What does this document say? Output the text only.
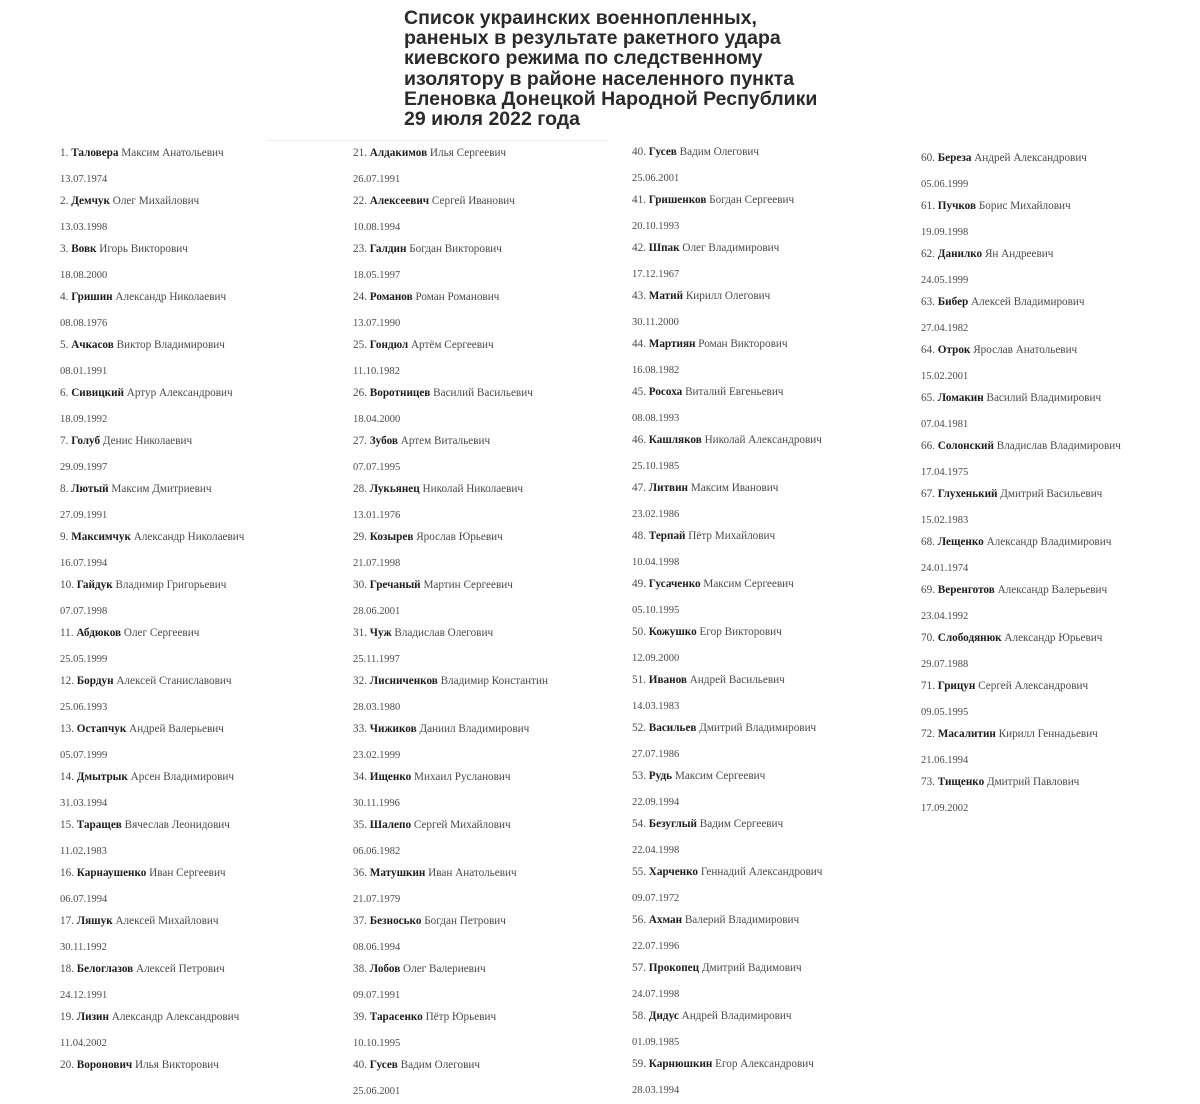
Список украинских военнопленных,
раненых в результате ракетного удара
киевского режима по следственному
изолятору в районе населенного пункта
Еленовка Донецкой Народной Республики
29 июля 2022 года
1. Таловера Максим Анатольевич
13.07.1974
2. Демчук Олег Михайлович
13.03.1998
3. Вовк Игорь Викторович
18.08.2000
4. Гришин Александр Николаевич
08.08.1976
5. Ачкасов Виктор Владимирович
08.01.1991
6. Сивицкий Артур Александрович
18.09.1992
7. Голуб Денис Николаевич
29.09.1997
8. Лютый Максим Дмитриевич
27.09.1991
9. Максимчук Александр Николаевич
16.07.1994
10. Гайдук Владимир Григорьевич
07.07.1998
11. Абдюков Олег Сергеевич
25.05.1999
12. Бордун Алексей Станиславович
25.06.1993
13. Остапчук Андрей Валерьевич
05.07.1999
14. Дмытрык Арсен Владимирович
31.03.1994
15. Таращев Вячеслав Леонидович
11.02.1983
16. Карнаушенко Иван Сергеевич
06.07.1994
17. Ляшук Алексей Михайлович
30.11.1992
18. Белоглазов Алексей Петрович
24.12.1991
19. Лизин Александр Александрович
11.04.2002
20. Воронович Илья Викторович
21. Алдакимов Илья Сергеевич
26.07.1991
22. Алексеевич Сергей Иванович
10.08.1994
23. Галдин Богдан Викторович
18.05.1997
24. Романов Роман Романович
13.07.1990
25. Гондюл Артём Сергеевич
11.10.1982
26. Воротницев Василий Васильевич
18.04.2000
27. Зубов Артем Витальевич
07.07.1995
28. Лукьянец Николай Николаевич
13.01.1976
29. Козырев Ярослав Юрьевич
21.07.1998
30. Гречаный Мартин Сергеевич
28.06.2001
31. Чуж Владислав Олегович
25.11.1997
32. Лисниченков Владимир Константин
28.03.1980
33. Чижиков Даниил Владимирович
23.02.1999
34. Ищенко Михаил Русланович
30.11.1996
35. Шалепо Сергей Михайлович
06.06.1982
36. Матушкин Иван Анатольевич
21.07.1979
37. Безносько Богдан Петрович
08.06.1994
38. Лобов Олег Валериевич
09.07.1991
39. Тарасенко Пётр Юрьевич
10.10.1995
40. Гусев Вадим Олегович
25.06.2001
40. Гусев Вадим Олегович
25.06.2001
41. Гришенков Богдан Сергеевич
20.10.1993
42. Шпак Олег Владимирович
17.12.1967
43. Матий Кирилл Олегович
30.11.2000
44. Мартиян Роман Викторович
16.08.1982
45. Росоха Виталий Евгеньевич
08.08.1993
46. Кашляков Николай Александрович
25.10.1985
47. Литвин Максим Иванович
23.02.1986
48. Терпай Пётр Михайлович
10.04.1998
49. Гусаченко Максим Сергеевич
05.10.1995
50. Кожушко Егор Викторович
12.09.2000
51. Иванов Андрей Васильевич
14.03.1983
52. Васильев Дмитрий Владимирович
27.07.1986
53. Рудь Максим Сергеевич
22.09.1994
54. Безуглый Вадим Сергеевич
22.04.1998
55. Харченко Геннадий Александрович
09.07.1972
56. Ахман Валерий Владимирович
22.07.1996
57. Прокопец Дмитрий Вадимович
24.07.1998
58. Дидус Андрей Владимирович
01.09.1985
59. Карнюшкин Егор Александрович
28.03.1994
60. Береза Андрей Александрович
05.06.1999
61. Пучков Борис Михайлович
19.09.1998
62. Данилко Ян Андреевич
24.05.1999
63. Бибер Алексей Владимирович
27.04.1982
64. Отрок Ярослав Анатольевич
15.02.2001
65. Ломакин Василий Владимирович
07.04.1981
66. Солонский Владислав Владимирович
17.04.1975
67. Глухенький Дмитрий Васильевич
15.02.1983
68. Лещенко Александр Владимирович
24.01.1974
69. Веренготов Александр Валерьевич
23.04.1992
70. Слободянюк Александр Юрьевич
29.07.1988
71. Грицун Сергей Александрович
09.05.1995
72. Масалитин Кирилл Геннадьевич
21.06.1994
73. Тищенко Дмитрий Павлович
17.09.2002
